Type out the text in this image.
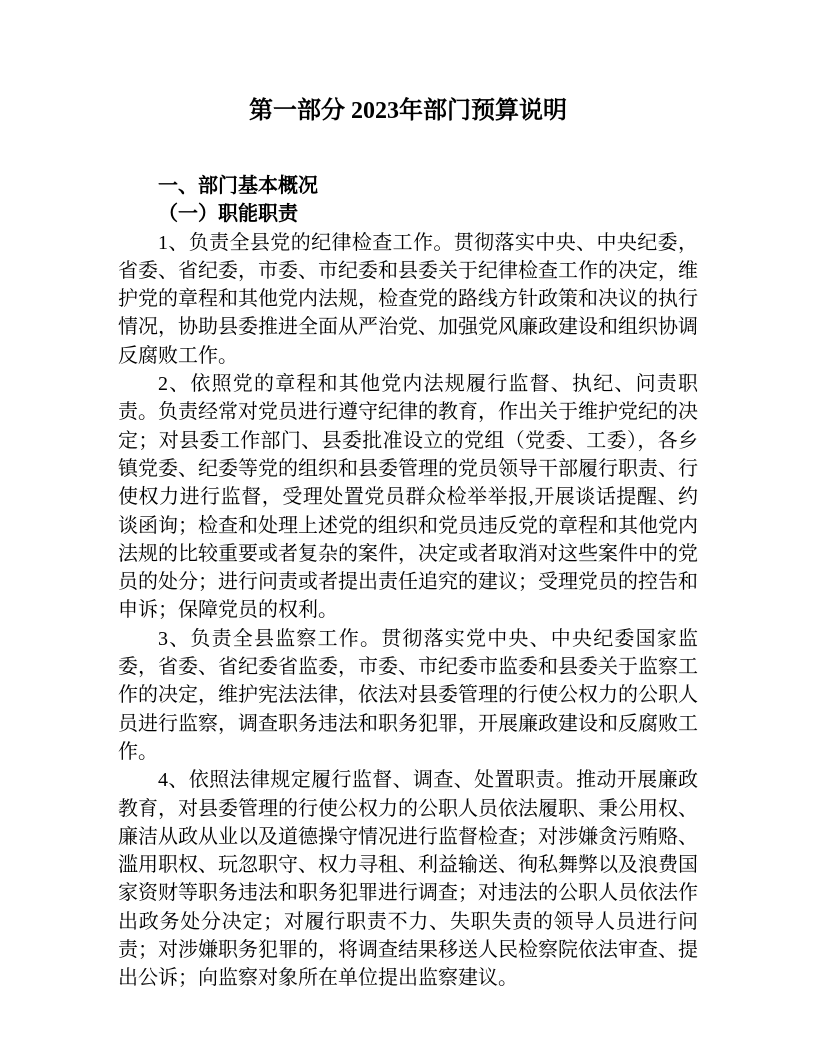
第一部分 2023年部门预算说明
一、部门基本概况
（一）职能职责

1、负责全县党的纪律检查工作。贯彻落实中央、中央纪委，省委、省纪委，市委、市纪委和县委关于纪律检查工作的决定，维护党的章程和其他党内法规，检查党的路线方针政策和决议的执行情况，协助县委推进全面从严治党、加强党风廉政建设和组织协调反腐败工作。

2、依照党的章程和其他党内法规履行监督、执纪、问责职责。负责经常对党员进行遵守纪律的教育，作出关于维护党纪的决定；对县委工作部门、县委批准设立的党组（党委、工委），各乡镇党委、纪委等党的组织和县委管理的党员领导干部履行职责、行使权力进行监督，受理处置党员群众检举举报,开展谈话提醒、约谈函询；检查和处理上述党的组织和党员违反党的章程和其他党内法规的比较重要或者复杂的案件，决定或者取消对这些案件中的党员的处分；进行问责或者提出责任追究的建议；受理党员的控告和申诉；保障党员的权利。

3、负责全县监察工作。贯彻落实党中央、中央纪委国家监委，省委、省纪委省监委，市委、市纪委市监委和县委关于监察工作的决定，维护宪法法律，依法对县委管理的行使公权力的公职人员进行监察，调查职务违法和职务犯罪，开展廉政建设和反腐败工作。

4、依照法律规定履行监督、调查、处置职责。推动开展廉政教育，对县委管理的行使公权力的公职人员依法履职、秉公用权、廉洁从政从业以及道德操守情况进行监督检查；对涉嫌贪污贿赂、滥用职权、玩忽职守、权力寻租、利益输送、徇私舞弊以及浪费国家资财等职务违法和职务犯罪进行调查；对违法的公职人员依法作出政务处分决定；对履行职责不力、失职失责的领导人员进行问责；对涉嫌职务犯罪的，将调查结果移送人民检察院依法审查、提出公诉；向监察对象所在单位提出监察建议。
